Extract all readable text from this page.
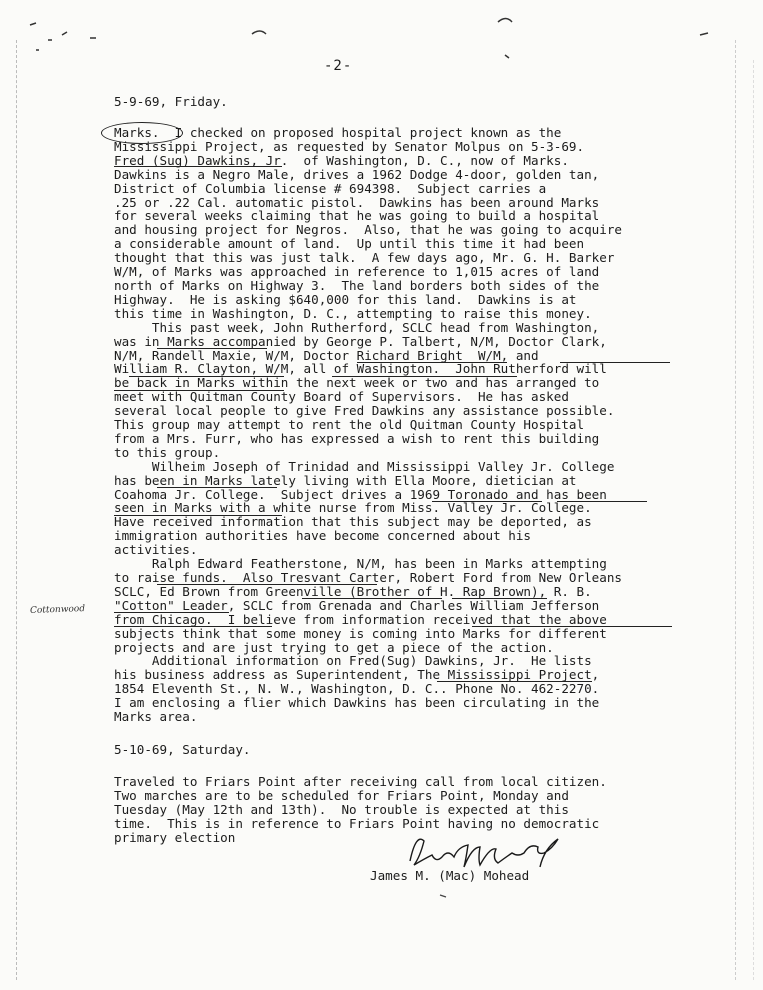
-2-
5-9-69, Friday.
Marks.  I checked on proposed hospital project known as the
Mississippi Project, as requested by Senator Molpus on 5-3-69.
Fred (Sug) Dawkins, Jr.  of Washington, D. C., now of Marks.
Dawkins is a Negro Male, drives a 1962 Dodge 4-door, golden tan,
District of Columbia license # 694398.  Subject carries a
.25 or .22 Cal. automatic pistol.  Dawkins has been around Marks
for several weeks claiming that he was going to build a hospital
and housing project for Negros.  Also, that he was going to acquire
a considerable amount of land.  Up until this time it had been
thought that this was just talk.  A few days ago, Mr. G. H. Barker
W/M, of Marks was approached in reference to 1,015 acres of land
north of Marks on Highway 3.  The land borders both sides of the
Highway.  He is asking $640,000 for this land.  Dawkins is at
this time in Washington, D. C., attempting to raise this money.
This past week, John Rutherford, SCLC head from Washington,
was in Marks accompanied by George P. Talbert, N/M, Doctor Clark,
N/M, Randell Maxie, W/M, Doctor Richard Bright  W/M, and
William R. Clayton, W/M, all of Washington.  John Rutherford will
be back in Marks within the next week or two and has arranged to
meet with Quitman County Board of Supervisors.  He has asked
several local people to give Fred Dawkins any assistance possible.
This group may attempt to rent the old Quitman County Hospital
from a Mrs. Furr, who has expressed a wish to rent this building
to this group.
Wilheim Joseph of Trinidad and Mississippi Valley Jr. College
has been in Marks lately living with Ella Moore, dietician at
Coahoma Jr. College.  Subject drives a 1969 Toronado and has been
seen in Marks with a white nurse from Miss. Valley Jr. College.
Have received information that this subject may be deported, as
immigration authorities have become concerned about his
activities.
Ralph Edward Featherstone, N/M, has been in Marks attempting
to raise funds.  Also Tresvant Carter, Robert Ford from New Orleans
SCLC, Ed Brown from Greenville (Brother of H. Rap Brown), R. B.
"Cotton" Leader, SCLC from Grenada and Charles William Jefferson
from Chicago.  I believe from information received that the above
subjects think that some money is coming into Marks for different
projects and are just trying to get a piece of the action.
Additional information on Fred(Sug) Dawkins, Jr.  He lists
his business address as Superintendent, The Mississippi Project,
1854 Eleventh St., N. W., Washington, D. C.. Phone No. 462-2270.
I am enclosing a flier which Dawkins has been circulating in the
Marks area.
Cottonwood
5-10-69, Saturday.
Traveled to Friars Point after receiving call from local citizen.
Two marches are to be scheduled for Friars Point, Monday and
Tuesday (May 12th and 13th).  No trouble is expected at this
time.  This is in reference to Friars Point having no democratic
primary election
James M. (Mac) Mohead
